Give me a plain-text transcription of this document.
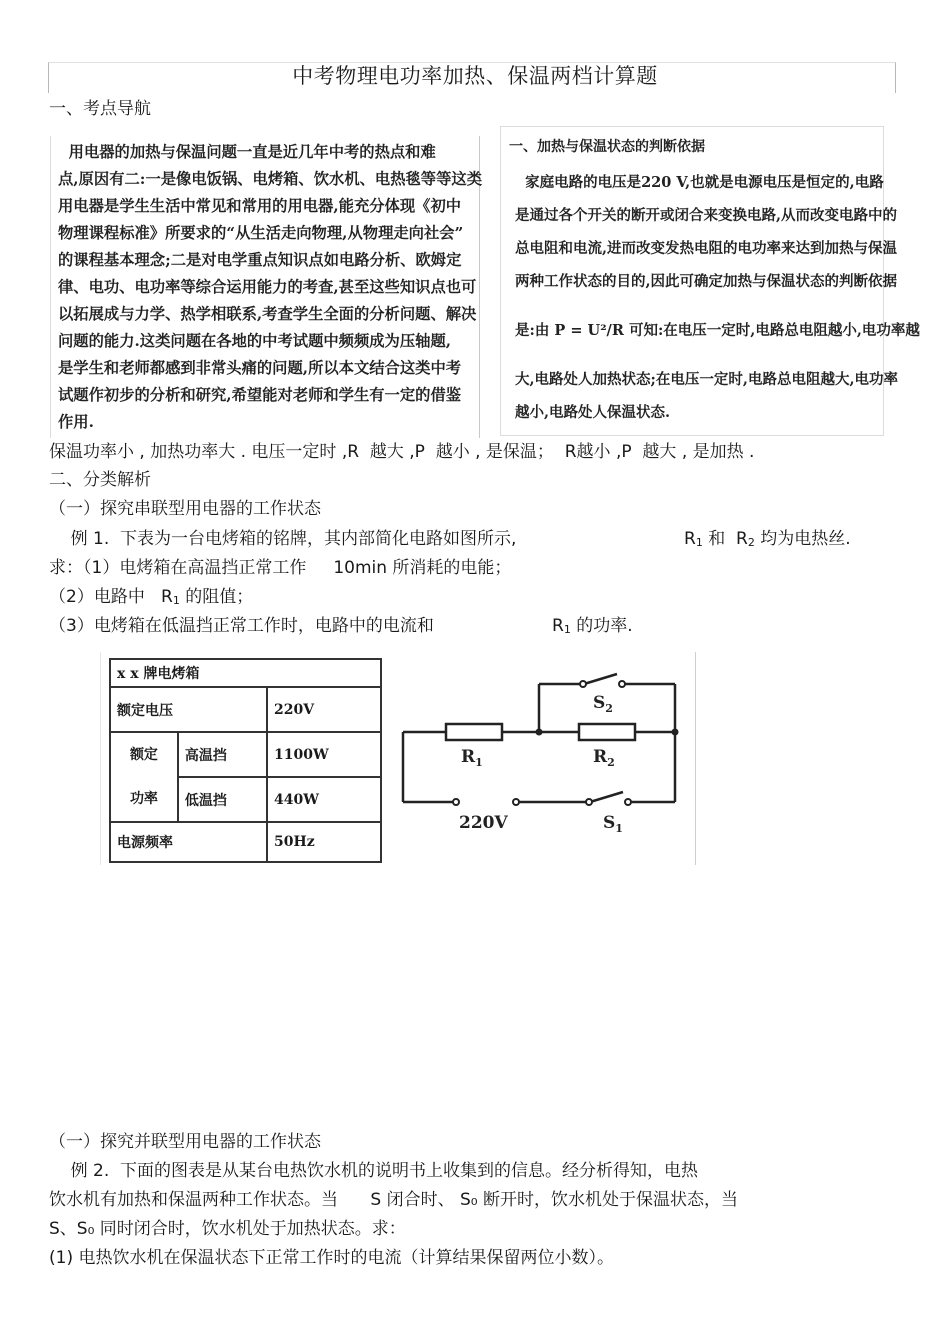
中考物理电功率加热、保温两档计算题
一、考点导航

用电器的加热与保温问题一直是近几年中考的热点和难

点,原因有二:一是像电饭锅、电烤箱、饮水机、电热毯等等这类

用电器是学生生活中常见和常用的用电器,能充分体现《初中

物理课程标准》所要求的“从生活走向物理,从物理走向社会”

的课程基本理念;二是对电学重点知识点如电路分析、欧姆定

律、电功、电功率等综合运用能力的考查,甚至这些知识点也可

以拓展成与力学、热学相联系,考查学生全面的分析问题、解决

问题的能力.这类问题在各地的中考试题中频频成为压轴题,

是学生和老师都感到非常头痛的问题,所以本文结合这类中考

试题作初步的分析和研究,希望能对老师和学生有一定的借鉴

作用.

一、加热与保温状态的判断依据

家庭电路的电压是220 V,也就是电源电压是恒定的,电路

是通过各个开关的断开或闭合来变换电路,从而改变电路中的

总电阻和电流,进而改变发热电阻的电功率来达到加热与保温

两种工作状态的目的,因此可确定加热与保温状态的判断依据

是:由 P = U²/R 可知:在电压一定时,电路总电阻越小,电功率越

大,电路处人加热状态;在电压一定时,电路总电阻越大,电功率

越小,电路处人保温状态.

保温功率小 , 加热功率大 . 电压一定时 ,R  越大 ,P  越小 , 是保温；  R越小 ,P  越大 , 是加热 .
二、分类解析
（一）探究串联型用电器的工作状态
例 1.  下表为一台电烤箱的铭牌，其内部简化电路如图所示,	R1 和  R2 均为电热丝.
求：（1）电烤箱在高温挡正常工作     10min 所消耗的电能；
（2）电路中   R1 的阻值；
（3）电烤箱在低温挡正常工作时，电路中的电流和	R1 的功率.
x x 牌电烤箱		
额定电压		220V
额定
功率	高温挡	1100W
	低温挡	440W
电源频率		50Hz
$R_1$	$R_2$
$S_2$
$S_1$
220V
（一）探究并联型用电器的工作状态
例 2.  下面的图表是从某台电热饮水机的说明书上收集到的信息。经分析得知，电热
饮水机有加热和保温两种工作状态。当      S 闭合时、 S₀ 断开时，饮水机处于保温状态，当
S、S₀ 同时闭合时，饮水机处于加热状态。求：
(1) 电热饮水机在保温状态下正常工作时的电流（计算结果保留两位小数）。
